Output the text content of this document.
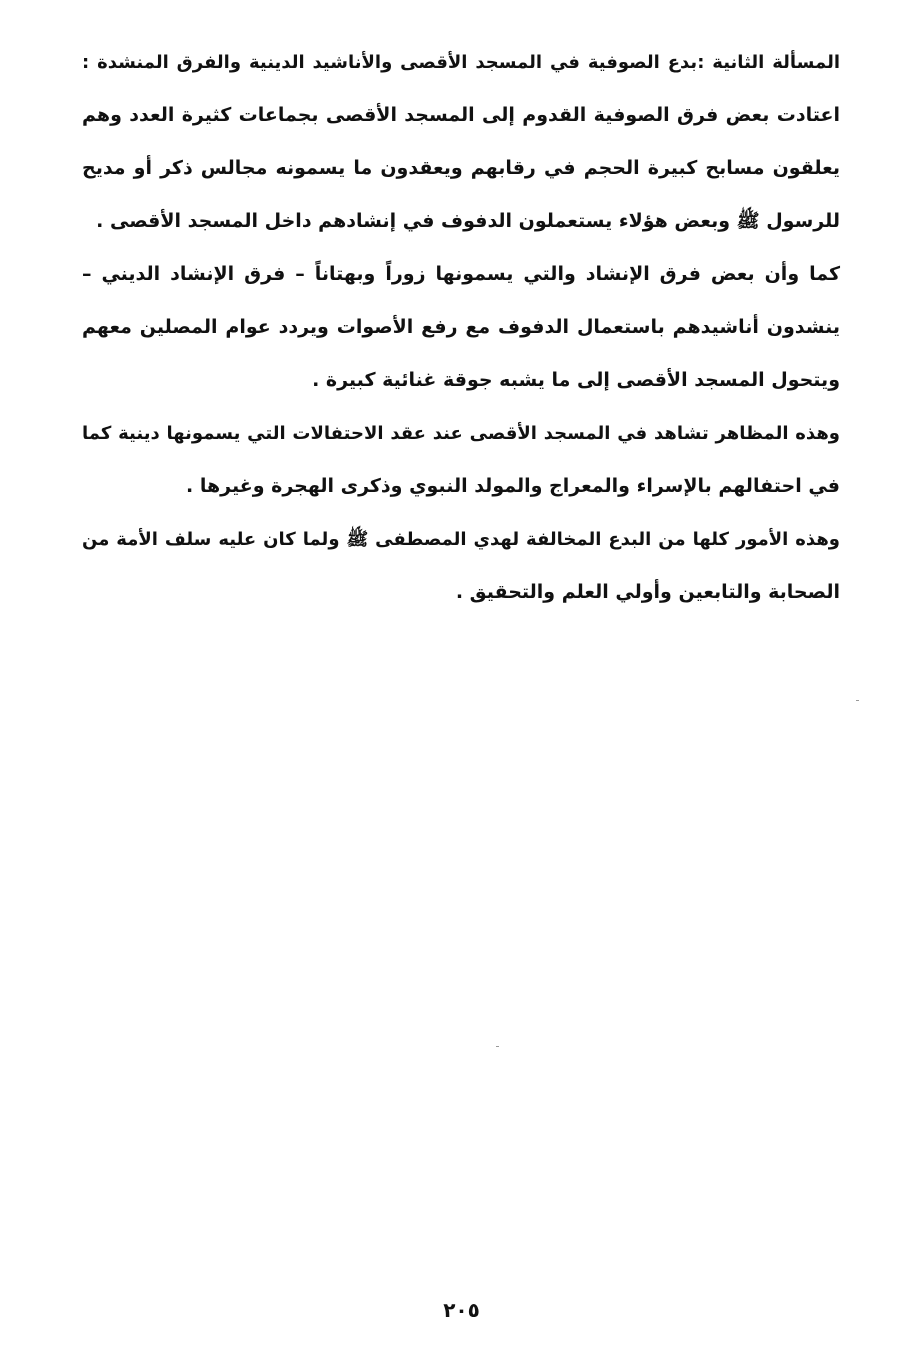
المسألة الثانية :بدع الصوفية في المسجد الأقصى والأناشيد الدينية والفرق المنشدة :
اعتادت بعض فرق الصوفية القدوم إلى المسجد الأقصى بجماعات كثيرة العدد وهم
يعلقون مسابح كبيرة الحجم في رقابهم ويعقدون ما يسمونه مجالس ذكر أو مديح
للرسول ﷺ وبعض هؤلاء يستعملون الدفوف في إنشادهم داخل المسجد الأقصى .
كما وأن بعض فرق الإنشاد والتي يسمونها زوراً وبهتاناً – فرق الإنشاد الديني –
ينشدون أناشيدهم باستعمال الدفوف مع رفع الأصوات ويردد عوام المصلين معهم
ويتحول المسجد الأقصى إلى ما يشبه جوقة غنائية كبيرة .
وهذه المظاهر تشاهد في المسجد الأقصى عند عقد الاحتفالات التي يسمونها دينية كما
في احتفالهم بالإسراء والمعراج والمولد النبوي وذكرى الهجرة وغيرها .
وهذه الأمور كلها من البدع المخالفة لهدي المصطفى ﷺ ولما كان عليه سلف الأمة من
الصحابة والتابعين وأولي العلم والتحقيق .
٢٠٥
